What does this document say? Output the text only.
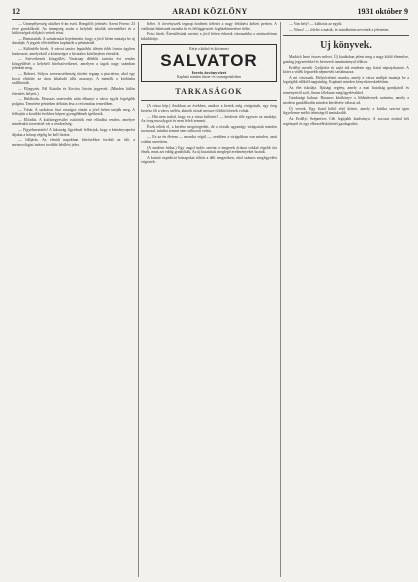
12	ARADI KÖZLÖNY	1931 október 9

— Ünnepélyesség október 6-án esett. Rengőfői jelentés: Szent Ferenc 23 évre gondolkodó. Az ünnepség során a helybeli iskolák növendékei és a hitközségek elöljárói vettek részt.

— Bemutatták. A színtársulat bejelentette, hogy a jövő héten mutatja be új darabját. A jegyek elővételben kaphatók a pénztárnál.

— Különféle hírek. A városi tanács legutóbbi ülésén több fontos ügyben határozott, amelyekről a közönséget a hivatalos közlönyben értesítik.

— Szövetkezeti közgyűlés. Vasárnap délelőtt tartotta évi rendes közgyűlését a helybeli hitelszövetkezet, amelyen a tagok nagy számban jelentek meg.

— Baleset. Súlyos szerencsétlenség történt tegnap a piactéren, ahol egy kocsi elütötte az úton áthaladó idős asszonyt. A mentők a kórházba szállították.

— Eljegyzés. Pál Katalin és Kovács István jegyesek. (Minden külön értesítés helyett.)

— Halálozás. Hosszas szenvedés után elhunyt a város egyik legrégibb polgára. Temetése pénteken délután lesz a református temetőben.

— Vásár. A szokásos őszi országos vásárt a jövő héten tartják meg. A felhajtás a korábbi évekhez képest gyengébbnek ígérkezik.

— Előadás. A kultúregyesület csütörtök este előadást rendez, amelyre mindenkit szeretettel vár a rendezőség.

— Figyelmeztetés! A lakosság figyelmét felhívjuk, hogy a kéményseprési díjakat a hónap végéig be kell fizetni.

— Időjárás. Az elmúlt napokban hűvösebbre fordult az idő, a meteorológiai intézet további lehűlést jelez.

Ítélet. A törvényszék tegnap hirdetett ítéletet a nagy feltűnést keltett perben. A vádlottat bűnösnek mondta ki és felfüggesztett fogházbüntetésre ítélte.

Friss hírek. Értesülésünk szerint a jövő héten érkezik városunkba a minisztérium kiküldöttje.

Kérje a kitűnő és közismert
SALVATOR
forrás ásványvizet
Kapható minden füszer- és csemegeüzletben
TARKASÁGOK

(A rózsa kép.) Azokban az években, amikor a kertek még virágoztak, egy öreg kertész élt a város szélén, akinek rózsái messze földön híresek voltak.

— Hát nem tudod, hogy ez a rózsa különös? — kérdezte tőle egyszer az unokája. Az öreg mosolygott és nem felelt semmit.

Évek teltek el, a kertész megöregedett, de a rózsák ugyanúgy virágoztak minden tavasszal, mintha semmi sem változott volna.

— Ez az én életem — mondta végül —, ezekben a virágokban van minden, amit valaha szerettem.

(A modern bálna.) Egy angol tudós szerint a tengerek óriásai sokkal régebb óta élnek, mint azt eddig gondolták. Az új kutatások meglepő eredményeket hoztak.

A kutató expedíció hónapokat töltött a déli tengereken, ahol számos megfigyelést végeztek.

— Van hely! — kiáltotta az egyik.

— Nincs! — felelte a másik, és mindketten nevettek a jeleneten.

Uj könyvek.

Madách Imre összes művei. Új kiadásban jelent meg a nagy költő életműve, gazdag jegyzetekkel és bevezető tanulmánnyal ellátva.

Erdélyi mesék. Gyűjtötte és sajtó alá rendezte egy fiatal néprajzkutató. A kötet a vidék legszebb népmeséit tartalmazza.

A mi városunk. Helytörténeti munka, amely a város múltját mutatja be a legrégibb időktől napjainkig. Kapható minden könyvkereskedésben.

Az élet iskolája. Ifjúsági regény, amely a mai fiatalság gondjairól és reményeiről szól, finom lélektani megfigyelésekkel.

Gazdasági kalauz. Hasznos kézikönyv a földművesek számára, amely a modern gazdálkodás minden kérdésére választ ad.

Új versek. Egy fiatal költő első kötete, amely a kritika szerint igen figyelemre méltó tehetségről tanúskodik.

Az Erdélyi Szépmíves Céh legújabb kiadványa. A sorozat ezúttal két regénnyel és egy elbeszéléskötettel gazdagodott.
